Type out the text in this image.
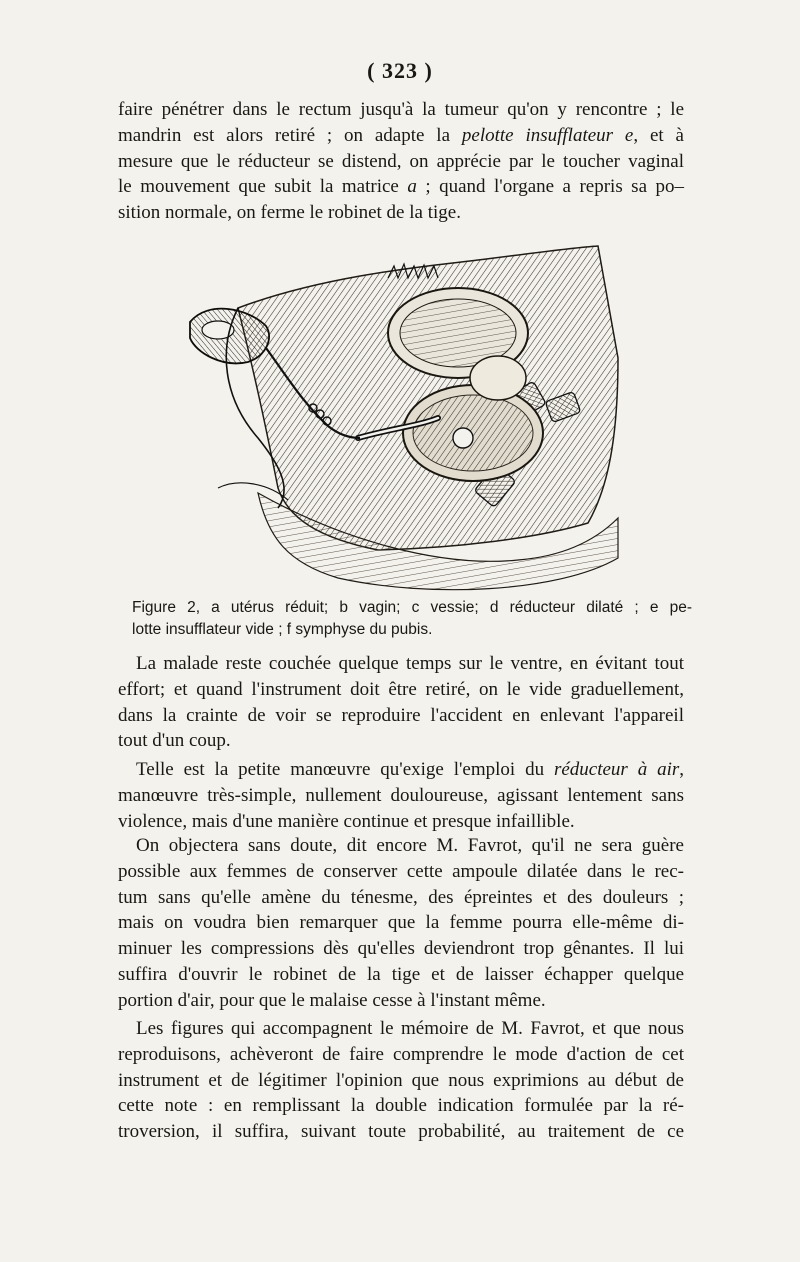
( 323 )

faire pénétrer dans le rectum jusqu'à la tumeur qu'on y rencontre ; le
mandrin est alors retiré ; on adapte la pelotte insufflateur e, et à
mesure que le réducteur se distend, on apprécie par le toucher vaginal
le mouvement que subit la matrice a ; quand l'organe a repris sa po–
sition normale, on ferme le robinet de la tige.

Figure 2, a utérus réduit; b vagin; c vessie; d réducteur dilaté ; e pe-
lotte insufflateur vide ; f symphyse du pubis.

La malade reste couchée quelque temps sur le ventre, en évitant tout
effort; et quand l'instrument doit être retiré, on le vide graduellement,
dans la crainte de voir se reproduire l'accident en enlevant l'appareil
tout d'un coup.

Telle est la petite manœuvre qu'exige l'emploi du réducteur à air,
manœuvre très-simple, nullement douloureuse, agissant lentement sans
violence, mais d'une manière continue et presque infaillible.

On objectera sans doute, dit encore M. Favrot, qu'il ne sera guère
possible aux femmes de conserver cette ampoule dilatée dans le rec-
tum sans qu'elle amène du ténesme, des épreintes et des douleurs ;
mais on voudra bien remarquer que la femme pourra elle-même di-
minuer les compressions dès qu'elles deviendront trop gênantes. Il lui
suffira d'ouvrir le robinet de la tige et de laisser échapper quelque
portion d'air, pour que le malaise cesse à l'instant même.

Les figures qui accompagnent le mémoire de M. Favrot, et que nous
reproduisons, achèveront de faire comprendre le mode d'action de cet
instrument et de légitimer l'opinion que nous exprimions au début de
cette note : en remplissant la double indication formulée par la ré-
troversion, il suffira, suivant toute probabilité, au traitement de ce
